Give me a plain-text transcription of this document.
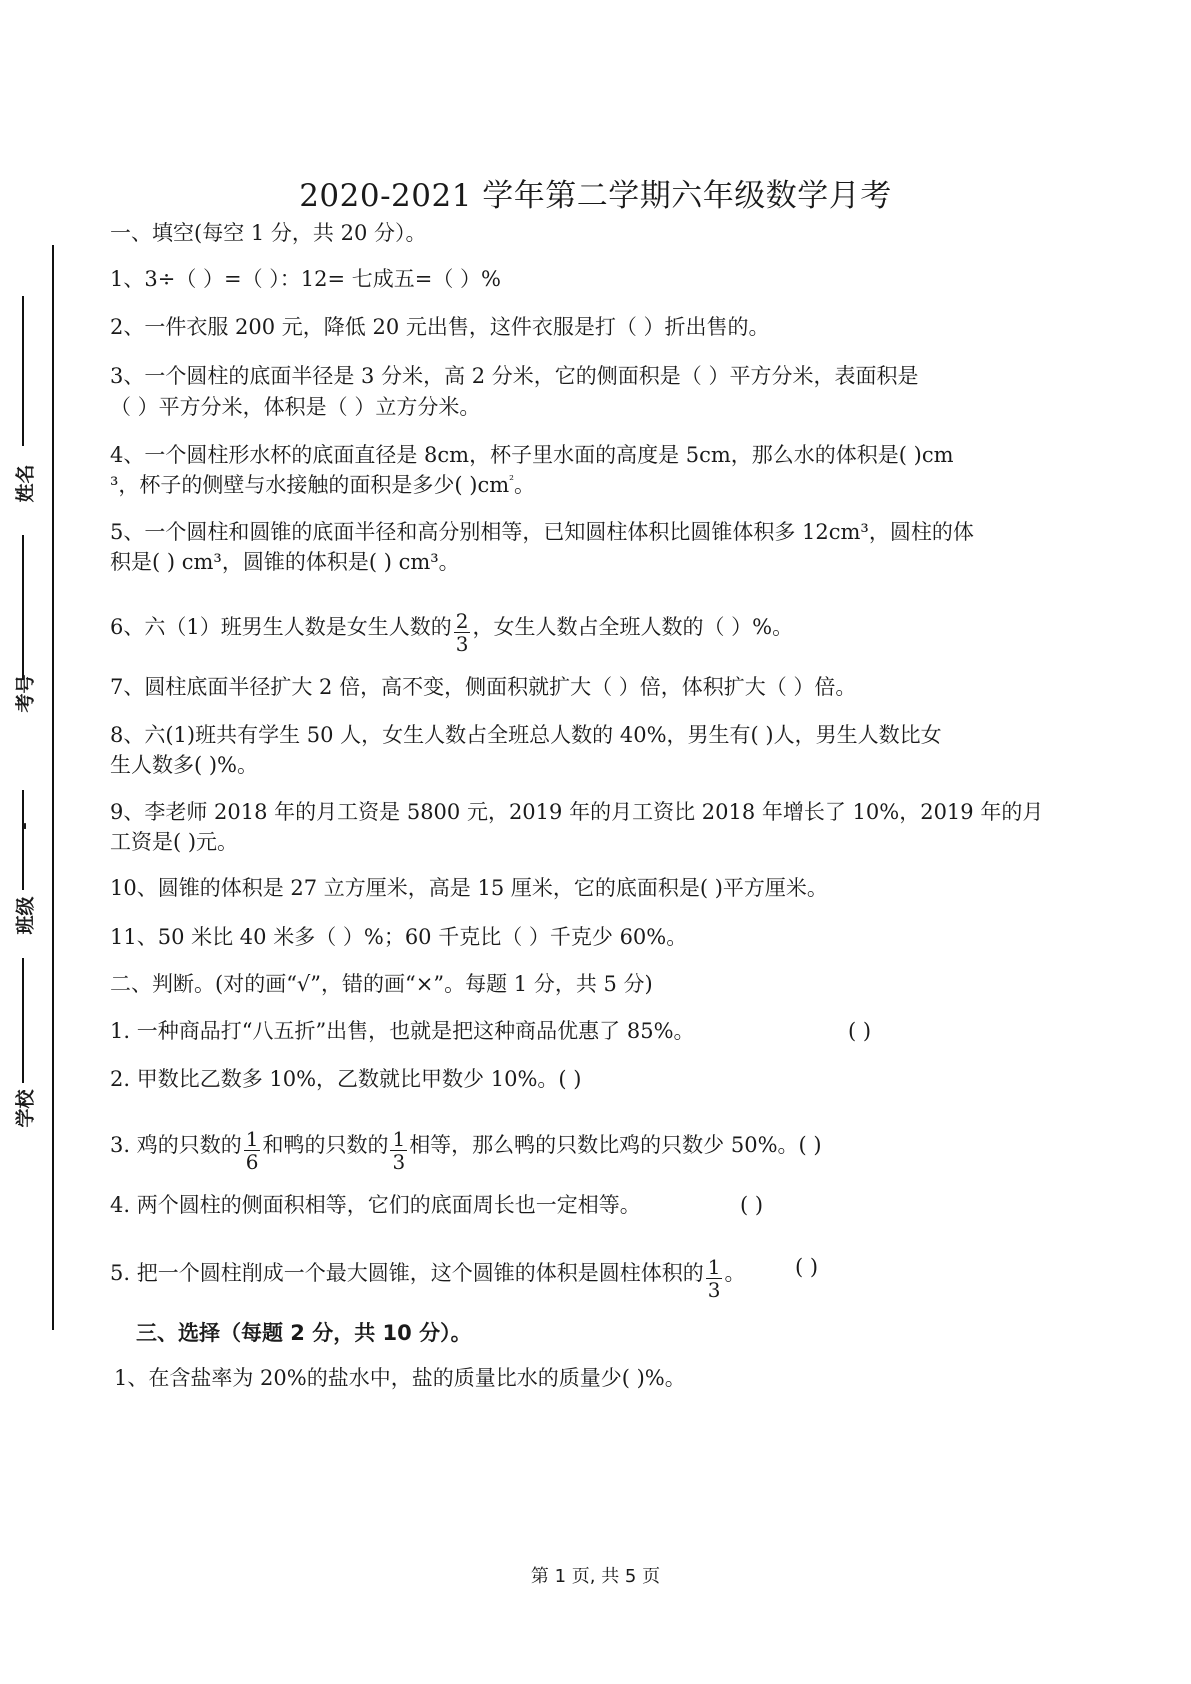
姓名
考号
-
班级
学校
2020-2021 学年第二学期六年级数学月考
一、填空(每空 1 分，共 20 分）。
1、3÷（ ）=（ ）：12= 七成五=（ ）%
2、一件衣服 200 元，降低 20 元出售，这件衣服是打（ ）折出售的。
3、一个圆柱的底面半径是 3 分米，高 2 分米，它的侧面积是（ ）平方分米，表面积是
（ ）平方分米，体积是（ ）立方分米。
4、一个圆柱形水杯的底面直径是 8cm，杯子里水面的高度是 5cm，那么水的体积是( )cm
³，杯子的侧壁与水接触的面积是多少( )$cm^{^2}$。
5、一个圆柱和圆锥的底面半径和高分别相等，已知圆柱体积比圆锥体积多 12cm³，圆柱的体
积是( ) cm³，圆锥的体积是( ) cm³。
6、六（1）班男生人数是女生人数的 $\frac{2}{3}$ ，女生人数占全班人数的（ ）%。
7、圆柱底面半径扩大 2 倍，高不变，侧面积就扩大（ ）倍，体积扩大（ ）倍。
8、六(1)班共有学生 50 人，女生人数占全班总人数的 40%，男生有( )人，男生人数比女
生人数多( )%。
9、李老师 2018 年的月工资是 5800 元，2019 年的月工资比 2018 年增长了 10%，2019 年的月
工资是( )元。
10、圆锥的体积是 27 立方厘米，高是 15 厘米，它的底面积是( )平方厘米。
11、50 米比 40 米多（ ）%；60 千克比（ ）千克少 60%。
二、判断。(对的画“√”，错的画“×”。每题 1 分，共 5 分)
1. 一种商品打“八五折”出售，也就是把这种商品优惠了 85%。	( )
2. 甲数比乙数多 10%，乙数就比甲数少 10%。( )
3. 鸡的只数的 $\frac{1}{6}$ 和鸭的只数的 $\frac{1}{3}$ 相等，那么鸭的只数比鸡的只数少 50%。( )
4. 两个圆柱的侧面积相等，它们的底面周长也一定相等。	( )
5. 把一个圆柱削成一个最大圆锥，这个圆锥的体积是圆柱体积的 $\frac{1}{3}$ 。 ( )
三、选择（每题 2 分，共 10 分）。
1、在含盐率为 20%的盐水中，盐的质量比水的质量少( )%。
第 1 页, 共 5 页
